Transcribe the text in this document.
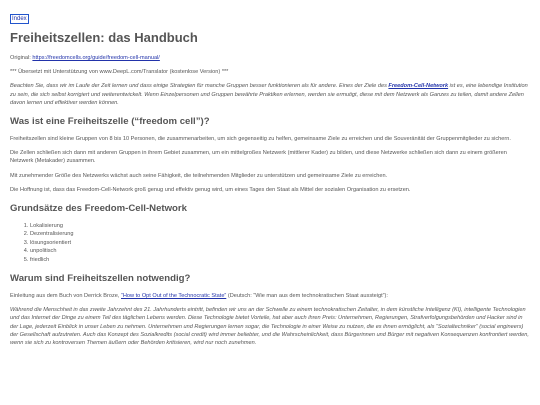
Index
Freiheitszellen: das Handbuch

Original: https://freedomcells.org/guide/freedom-cell-manual/

*** Übersetzt mit Unterstützung von www.DeepL.com/Translator (kostenlose Version) ***

Beachten Sie, dass wir im Laufe der Zeit lernen und dass einige Strategien für manche Gruppen besser funktionieren als für andere. Eines der Ziele des Freedom-Cell-Network ist es, eine lebendige Institution zu sein, die sich selbst korrigiert und weiterentwickelt. Wenn Einzelpersonen und Gruppen bewährte Praktiken erlernen, werden sie ermutigt, diese mit dem Netzwerk als Ganzes zu teilen, damit andere Zellen davon lernen und effektiver werden können.

Was ist eine Freiheitszelle (“freedom cell”)?

Freiheitszellen sind kleine Gruppen von 8 bis 10 Personen, die zusammenarbeiten, um sich gegenseitig zu helfen, gemeinsame Ziele zu erreichen und die Souveränität der Gruppenmitglieder zu sichern.

Die Zellen schließen sich dann mit anderen Gruppen in ihrem Gebiet zusammen, um ein mittelgroßes Netzwerk (mittlerer Kader) zu bilden, und diese Netzwerke schließen sich dann zu einem größeren Netzwerk (Metakader) zusammen.

Mit zunehmender Größe des Netzwerks wächst auch seine Fähigkeit, die teilnehmenden Mitglieder zu unterstützen und gemeinsame Ziele zu erreichen.

Die Hoffnung ist, dass das Freedom-Cell-Network groß genug und effektiv genug wird, um eines Tages den Staat als Mittel der sozialen Organisation zu ersetzen.

Grundsätze des Freedom-Cell-Network
1. Lokalisierung
2. Dezentralisierung
3. lösungsorientiert
4. unpolitisch
5. friedlich
Warum sind Freiheitszellen notwendig?

Einleitung aus dem Buch von Derrick Broze, “How to Opt Out of the Technocratic State” (Deutsch: “Wie man aus dem technokratischen Staat aussteigt”):

Während die Menschheit in das zweite Jahrzehnt des 21. Jahrhunderts eintritt, befinden wir uns an der Schwelle zu einem technokratischen Zeitalter, in dem künstliche Intelligenz (KI), intelligente Technologien und das Internet der Dinge zu einem Teil des täglichen Lebens werden. Diese Technologie bietet Vorteile, hat aber auch ihren Preis: Unternehmen, Regierungen, Strafverfolgungsbehörden und Hacker sind in der Lage, jederzeit Einblick in unser Leben zu nehmen. Unternehmen und Regierungen lernen sogar, die Technologie in einer Weise zu nutzen, die es ihnen ermöglicht, als “Sozialtechniker” (social engineers) der Gesellschaft aufzutreten. Auch das Konzept des Sozialkredits (social credit) wird immer beliebter, und die Wahrscheinlichkeit, dass Bürgerinnen und Bürger mit negativen Konsequenzen konfrontiert werden, wenn sie sich zu kontroversen Themen äußern oder Behörden kritisieren, wird nur noch zunehmen.
